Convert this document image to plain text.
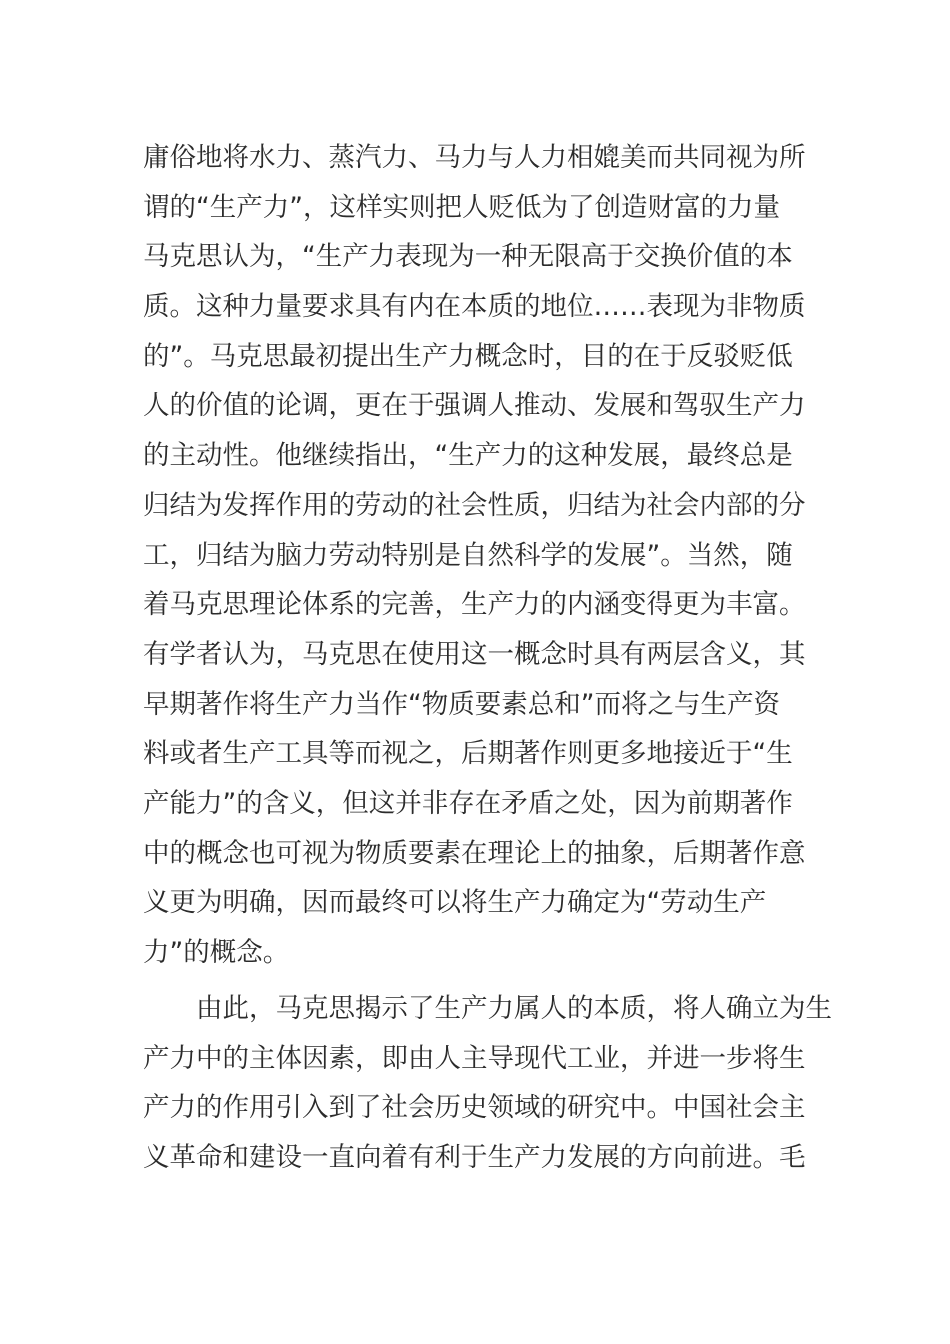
庸俗地将水力、蒸汽力、马力与人力相媲美而共同视为所
谓的“生产力”，这样实则把人贬低为了创造财富的力量
马克思认为，“生产力表现为一种无限高于交换价值的本
质。这种力量要求具有内在本质的地位……表现为非物质
的”。马克思最初提出生产力概念时，目的在于反驳贬低
人的价值的论调，更在于强调人推动、发展和驾驭生产力
的主动性。他继续指出，“生产力的这种发展，最终总是
归结为发挥作用的劳动的社会性质，归结为社会内部的分
工，归结为脑力劳动特别是自然科学的发展”。当然，随
着马克思理论体系的完善，生产力的内涵变得更为丰富。
有学者认为，马克思在使用这一概念时具有两层含义，其
早期著作将生产力当作“物质要素总和”而将之与生产资
料或者生产工具等而视之，后期著作则更多地接近于“生
产能力”的含义，但这并非存在矛盾之处，因为前期著作
中的概念也可视为物质要素在理论上的抽象，后期著作意
义更为明确，因而最终可以将生产力确定为“劳动生产
力”的概念。
　　由此，马克思揭示了生产力属人的本质，将人确立为生
产力中的主体因素，即由人主导现代工业，并进一步将生
产力的作用引入到了社会历史领域的研究中。中国社会主
义革命和建设一直向着有利于生产力发展的方向前进。毛
